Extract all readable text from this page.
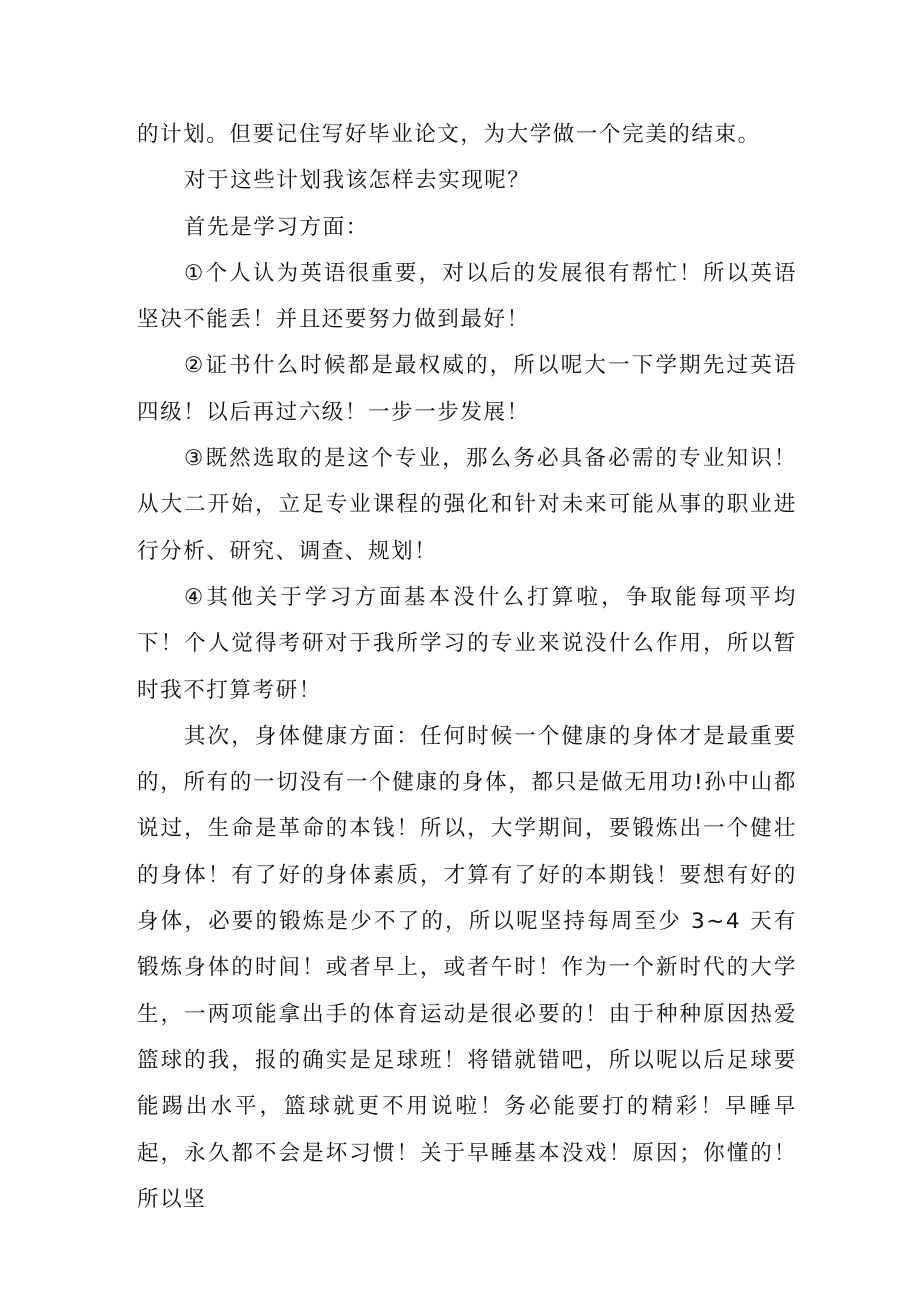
的计划。但要记住写好毕业论文，为大学做一个完美的结束。

对于这些计划我该怎样去实现呢？

首先是学习方面：

①个人认为英语很重要，对以后的发展很有帮忙！所以英语坚决不能丢！并且还要努力做到最好！

②证书什么时候都是最权威的，所以呢大一下学期先过英语四级！以后再过六级！一步一步发展！

③既然选取的是这个专业，那么务必具备必需的专业知识！从大二开始，立足专业课程的强化和针对未来可能从事的职业进行分析、研究、调查、规划！

④其他关于学习方面基本没什么打算啦，争取能每项平均下！个人觉得考研对于我所学习的专业来说没什么作用，所以暂时我不打算考研！

其次，身体健康方面：任何时候一个健康的身体才是最重要的，所有的一切没有一个健康的身体，都只是做无用功!孙中山都说过，生命是革命的本钱！所以，大学期间，要锻炼出一个健壮的身体！有了好的身体素质，才算有了好的本期钱！要想有好的身体，必要的锻炼是少不了的，所以呢坚持每周至少 3~4 天有锻炼身体的时间！或者早上，或者午时！作为一个新时代的大学生，一两项能拿出手的体育运动是很必要的！由于种种原因热爱篮球的我，报的确实是足球班！将错就错吧，所以呢以后足球要能踢出水平，篮球就更不用说啦！务必能要打的精彩！早睡早起，永久都不会是坏习惯！关于早睡基本没戏！原因；你懂的！所以坚
